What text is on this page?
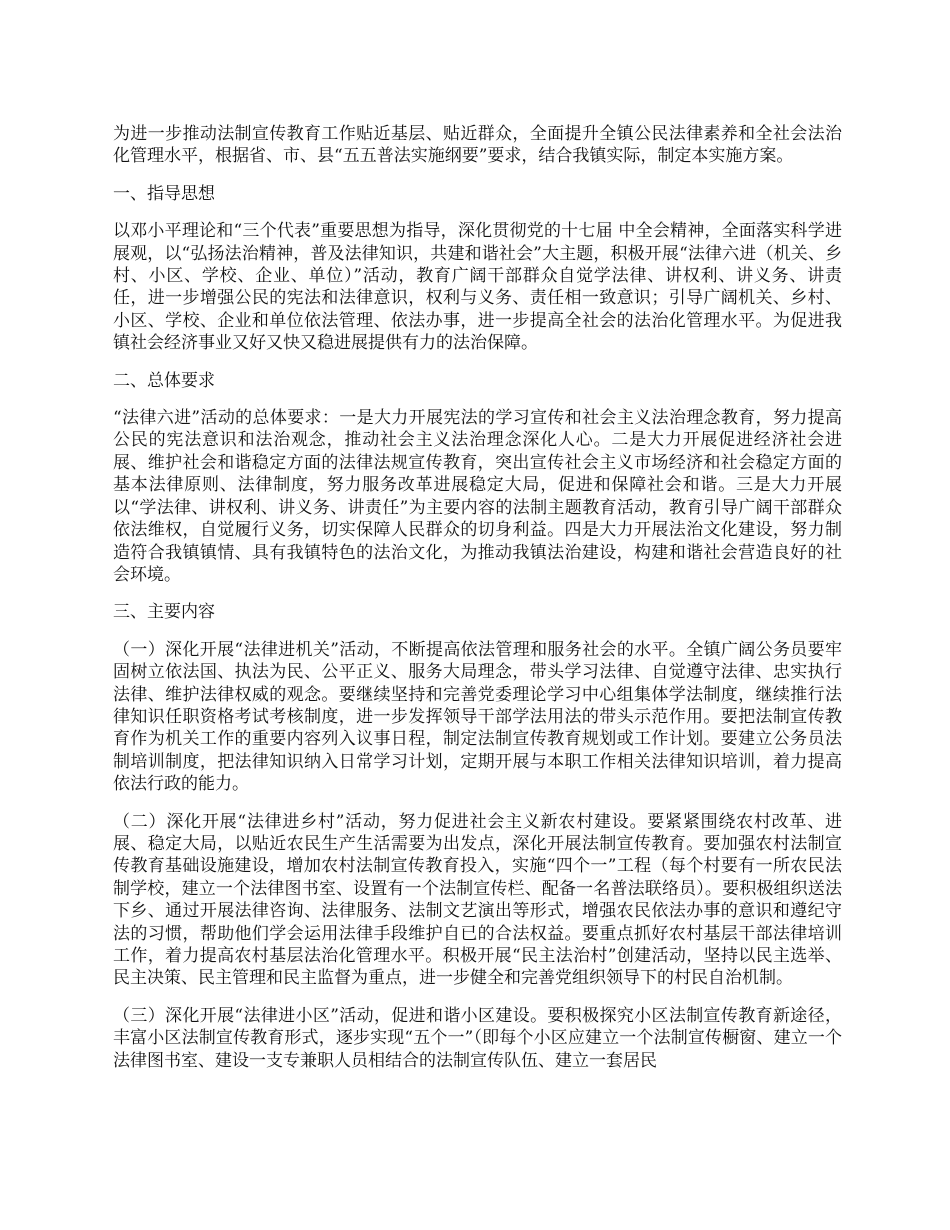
为进一步推动法制宣传教育工作贴近基层、贴近群众，全面提升全镇公民法律素养和全社会法治化管理水平，根据省、市、县“五五普法实施纲要”要求，结合我镇实际，制定本实施方案。

一、指导思想

以邓小平理论和“三个代表”重要思想为指导，深化贯彻党的十七届 中全会精神，全面落实科学进展观，以“弘扬法治精神，普及法律知识，共建和谐社会”大主题，积极开展“法律六进（机关、乡村、小区、学校、企业、单位）”活动，教育广阔干部群众自觉学法律、讲权利、讲义务、讲责任，进一步增强公民的宪法和法律意识，权利与义务、责任相一致意识；引导广阔机关、乡村、小区、学校、企业和单位依法管理、依法办事，进一步提高全社会的法治化管理水平。为促进我镇社会经济事业又好又快又稳进展提供有力的法治保障。

二、总体要求

“法律六进”活动的总体要求：一是大力开展宪法的学习宣传和社会主义法治理念教育，努力提高公民的宪法意识和法治观念，推动社会主义法治理念深化人心。二是大力开展促进经济社会进展、维护社会和谐稳定方面的法律法规宣传教育，突出宣传社会主义市场经济和社会稳定方面的基本法律原则、法律制度，努力服务改革进展稳定大局，促进和保障社会和谐。三是大力开展以“学法律、讲权利、讲义务、讲责任”为主要内容的法制主题教育活动，教育引导广阔干部群众依法维权，自觉履行义务，切实保障人民群众的切身利益。四是大力开展法治文化建设，努力制造符合我镇镇情、具有我镇特色的法治文化，为推动我镇法治建设，构建和谐社会营造良好的社会环境。

三、主要内容

（一）深化开展“法律进机关”活动，不断提高依法管理和服务社会的水平。全镇广阔公务员要牢固树立依法国、执法为民、公平正义、服务大局理念，带头学习法律、自觉遵守法律、忠实执行法律、维护法律权威的观念。要继续坚持和完善党委理论学习中心组集体学法制度，继续推行法律知识任职资格考试考核制度，进一步发挥领导干部学法用法的带头示范作用。要把法制宣传教育作为机关工作的重要内容列入议事日程，制定法制宣传教育规划或工作计划。要建立公务员法制培训制度，把法律知识纳入日常学习计划，定期开展与本职工作相关法律知识培训，着力提高依法行政的能力。

（二）深化开展“法律进乡村”活动，努力促进社会主义新农村建设。要紧紧围绕农村改革、进展、稳定大局，以贴近农民生产生活需要为出发点，深化开展法制宣传教育。要加强农村法制宣传教育基础设施建设，增加农村法制宣传教育投入，实施“四个一”工程（每个村要有一所农民法制学校，建立一个法律图书室、设置有一个法制宣传栏、配备一名普法联络员）。要积极组织送法下乡、通过开展法律咨询、法律服务、法制文艺演出等形式，增强农民依法办事的意识和遵纪守法的习惯，帮助他们学会运用法律手段维护自已的合法权益。要重点抓好农村基层干部法律培训工作，着力提高农村基层法治化管理水平。积极开展“民主法治村”创建活动，坚持以民主选举、民主决策、民主管理和民主监督为重点，进一步健全和完善党组织领导下的村民自治机制。

（三）深化开展“法律进小区”活动，促进和谐小区建设。要积极探究小区法制宣传教育新途径，丰富小区法制宣传教育形式，逐步实现“五个一”（即每个小区应建立一个法制宣传橱窗、建立一个法律图书室、建设一支专兼职人员相结合的法制宣传队伍、建立一套居民
